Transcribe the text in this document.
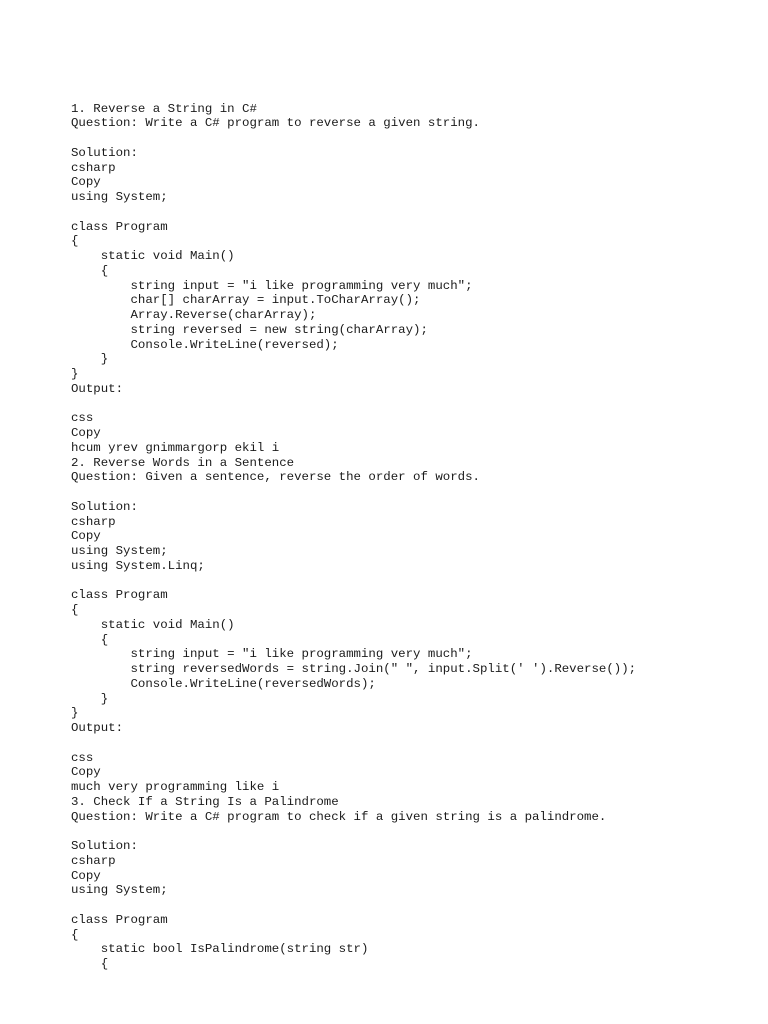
1. Reverse a String in C#
Question: Write a C# program to reverse a given string.
Solution:
csharp
Copy
using System;
class Program
{
static void Main()
{
string input = "i like programming very much";
char[] charArray = input.ToCharArray();
Array.Reverse(charArray);
string reversed = new string(charArray);
Console.WriteLine(reversed);
}
}
Output:
css
Copy
hcum yrev gnimmargorp ekil i
2. Reverse Words in a Sentence
Question: Given a sentence, reverse the order of words.
Solution:
csharp
Copy
using System;
using System.Linq;
class Program
{
static void Main()
{
string input = "i like programming very much";
string reversedWords = string.Join(" ", input.Split(' ').Reverse());
Console.WriteLine(reversedWords);
}
}
Output:
css
Copy
much very programming like i
3. Check If a String Is a Palindrome
Question: Write a C# program to check if a given string is a palindrome.
Solution:
csharp
Copy
using System;
class Program
{
static bool IsPalindrome(string str)
{
